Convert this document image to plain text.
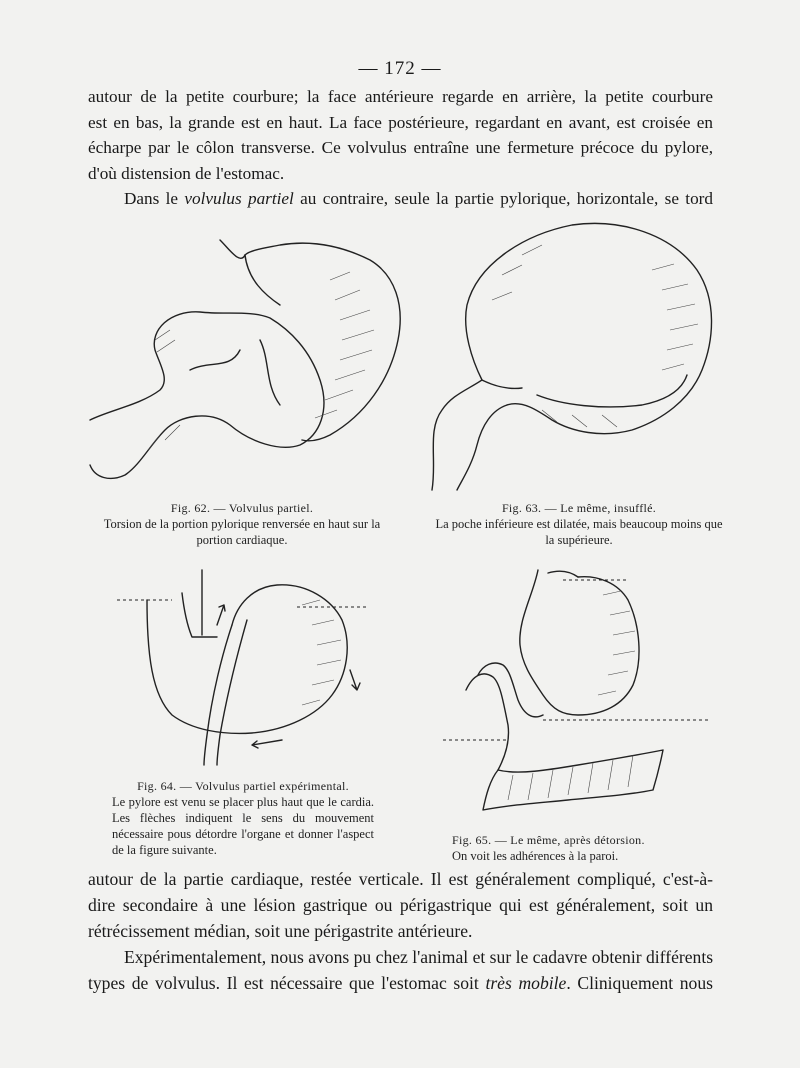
— 172 —

autour de la petite courbure; la face antérieure regarde en arrière, la petite courbure
est en bas, la grande est en haut. La face postérieure, regardant en avant, est croisée en
écharpe par le côlon transverse. Ce volvulus entraîne une fermeture précoce du pylore,
d'où distension de l'estomac.
Dans le volvulus partiel au contraire, seule la partie pylorique, horizontale, se tord

Fig. 62. — Volvulus partiel.
Torsion de la portion pylorique renversée en haut sur la portion cardiaque.
Fig. 63. — Le même, insufflé.
La poche inférieure est dilatée, mais beaucoup moins que la supérieure.
Fig. 64. — Volvulus partiel expérimental.
Le pylore est venu se placer plus haut que le cardia. Les flèches indiquent le sens du mouvement nécessaire pous détordre l'organe et donner l'aspect de la figure suivante.
Fig. 65. — Le même, après détorsion.
On voit les adhérences à la paroi.

autour de la partie cardiaque, restée verticale. Il est généralement compliqué, c'est-à-
dire secondaire à une lésion gastrique ou périgastrique qui est généralement, soit un
rétrécissement médian, soit une périgastrite antérieure.
Expérimentalement, nous avons pu chez l'animal et sur le cadavre obtenir différents
types de volvulus. Il est nécessaire que l'estomac soit très mobile. Cliniquement nous
